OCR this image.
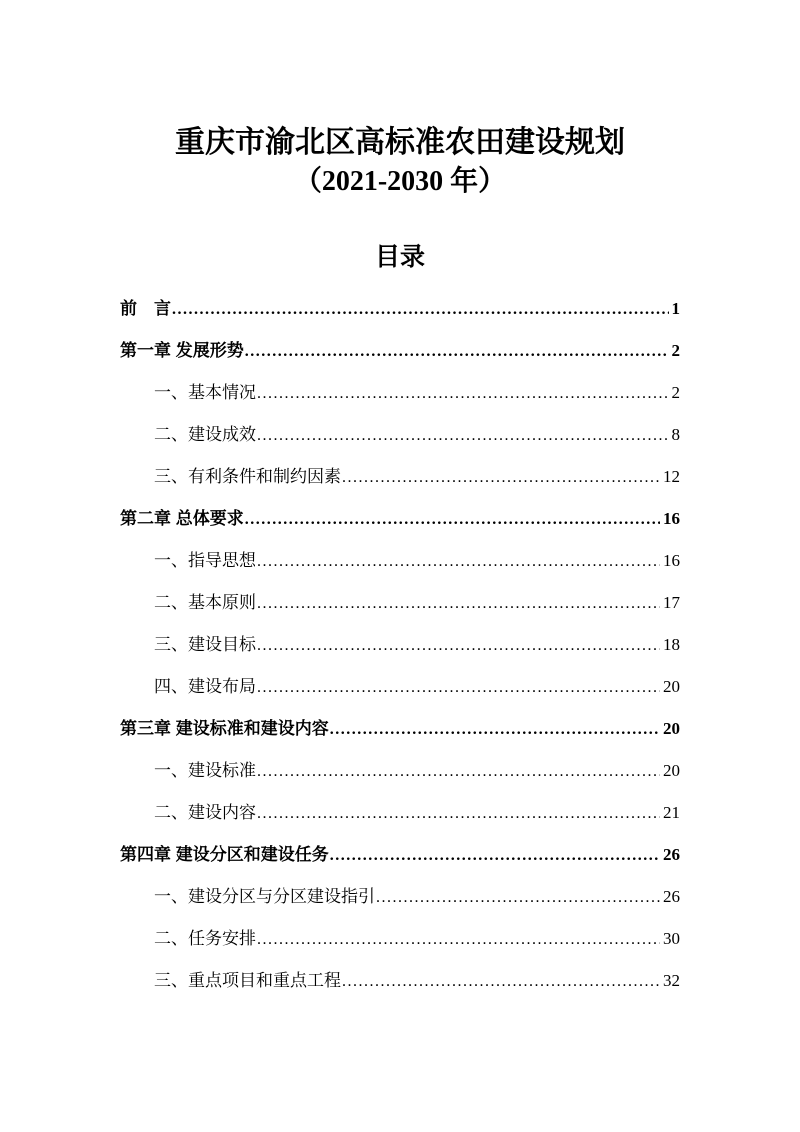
重庆市渝北区高标准农田建设规划
（2021-2030 年）
目录
前　言 .....	1
第一章 发展形势 .....	2
一、基本情况 .....	2
二、建设成效 .....	8
三、有利条件和制约因素 .....	12
第二章 总体要求 .....	16
一、指导思想 .....	16
二、基本原则 .....	17
三、建设目标 .....	18
四、建设布局 .....	20
第三章 建设标准和建设内容 .....	20
一、建设标准 .....	20
二、建设内容 .....	21
第四章 建设分区和建设任务 .....	26
一、建设分区与分区建设指引 .....	26
二、任务安排 .....	30
三、重点项目和重点工程 .....	32
